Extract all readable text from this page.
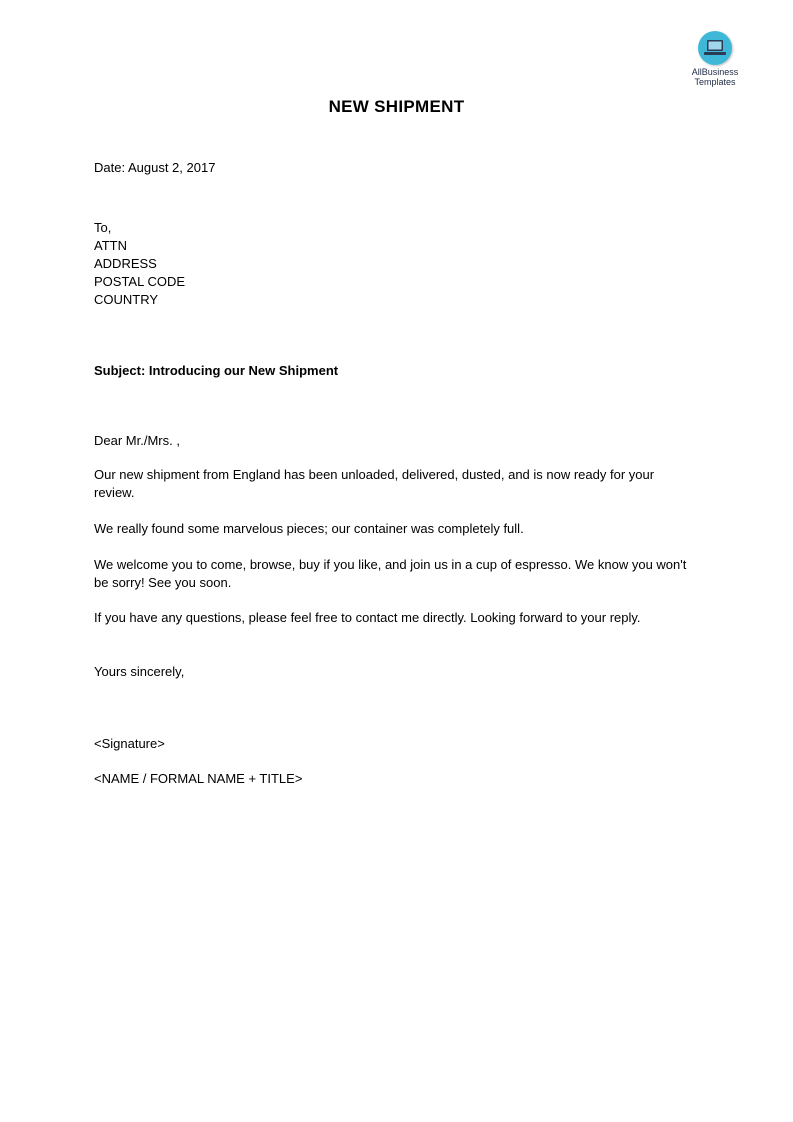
AllBusiness
Templates
NEW SHIPMENT
Date: August 2, 2017
To,
ATTN
ADDRESS
POSTAL CODE
COUNTRY
Subject: Introducing our New Shipment
Dear Mr./Mrs. ,
Our new shipment from England has been unloaded, delivered, dusted, and is now ready for your review.
We really found some marvelous pieces; our container was completely full.
We welcome you to come, browse, buy if you like, and join us in a cup of espresso. We know you won't be sorry! See you soon.
If you have any questions, please feel free to contact me directly. Looking forward to your reply.
Yours sincerely,
<Signature>
<NAME / FORMAL NAME + TITLE>
